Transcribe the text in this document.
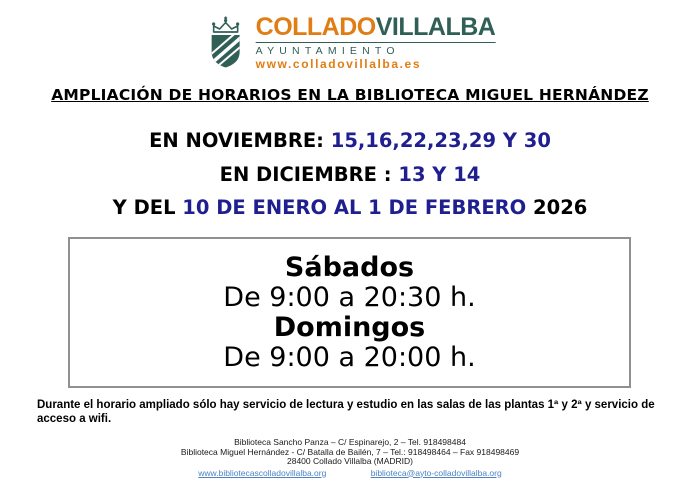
COLLADOVILLALBA
AYUNTAMIENTO
www.colladovillalba.es
AMPLIACIÓN DE HORARIOS EN LA BIBLIOTECA MIGUEL HERNÁNDEZ
EN NOVIEMBRE: 15,16,22,23,29 Y 30
EN DICIEMBRE : 13 Y 14
Y DEL 10 DE ENERO AL 1 DE FEBRERO 2026
Sábados
De 9:00 a 20:30 h.
Domingos
De 9:00 a 20:00 h.
Durante el horario ampliado sólo hay servicio de lectura y estudio en las salas de las plantas 1ª y 2ª y servicio de acceso a wifi.
Biblioteca Sancho Panza – C/ Espinarejo, 2 – Tel. 918498484
Biblioteca Miguel Hernández - C/ Batalla de Bailén, 7 – Tel.: 918498464 – Fax 918498469
28400 Collado Villalba (MADRID)
www.bibliotecascolladovillalba.org	biblioteca@ayto-colladovillalba.org
